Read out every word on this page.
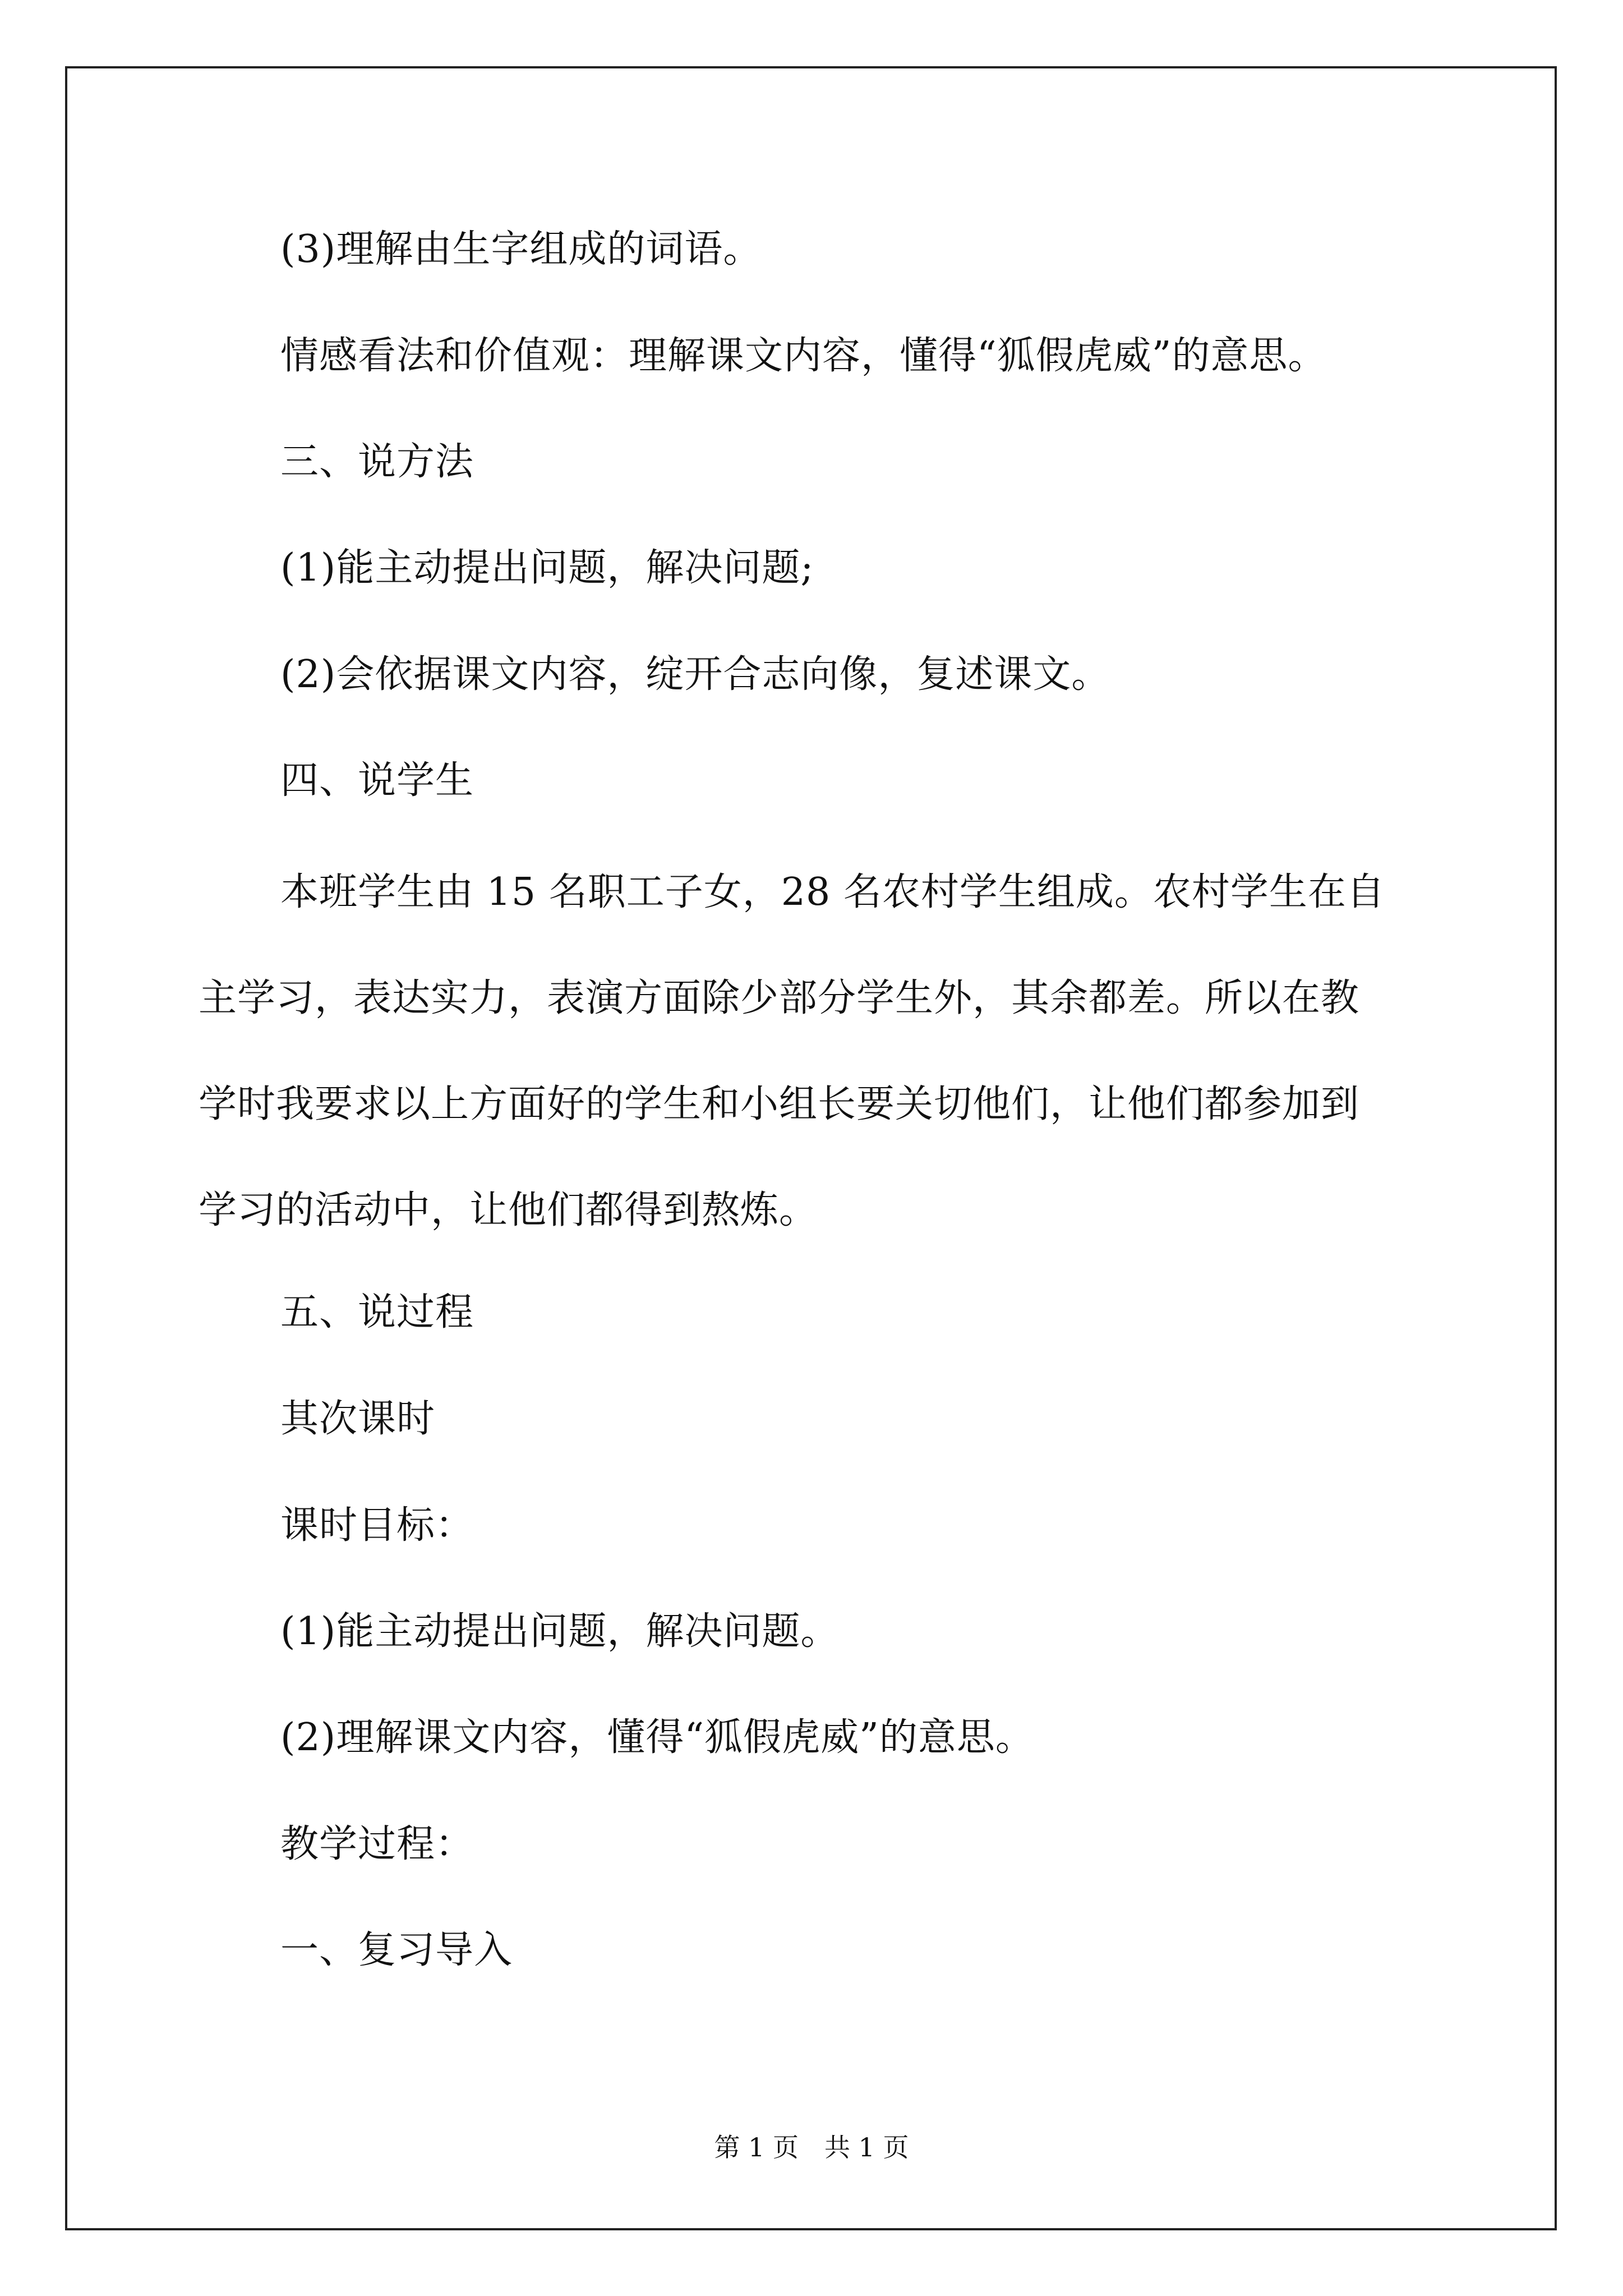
(3)理解由生字组成的词语。
情感看法和价值观：理解课文内容，懂得“狐假虎威”的意思。
三、说方法
(1)能主动提出问题，解决问题;
(2)会依据课文内容，绽开合志向像，复述课文。
四、说学生
本班学生由 15 名职工子女，28 名农村学生组成。农村学生在自
主学习，表达实力，表演方面除少部分学生外，其余都差。所以在教
学时我要求以上方面好的学生和小组长要关切他们，让他们都参加到
学习的活动中，让他们都得到熬炼。
五、说过程
其次课时
课时目标：
(1)能主动提出问题，解决问题。
(2)理解课文内容，懂得“狐假虎威”的意思。
教学过程：
一、复习导入
第 1 页　共 1 页
